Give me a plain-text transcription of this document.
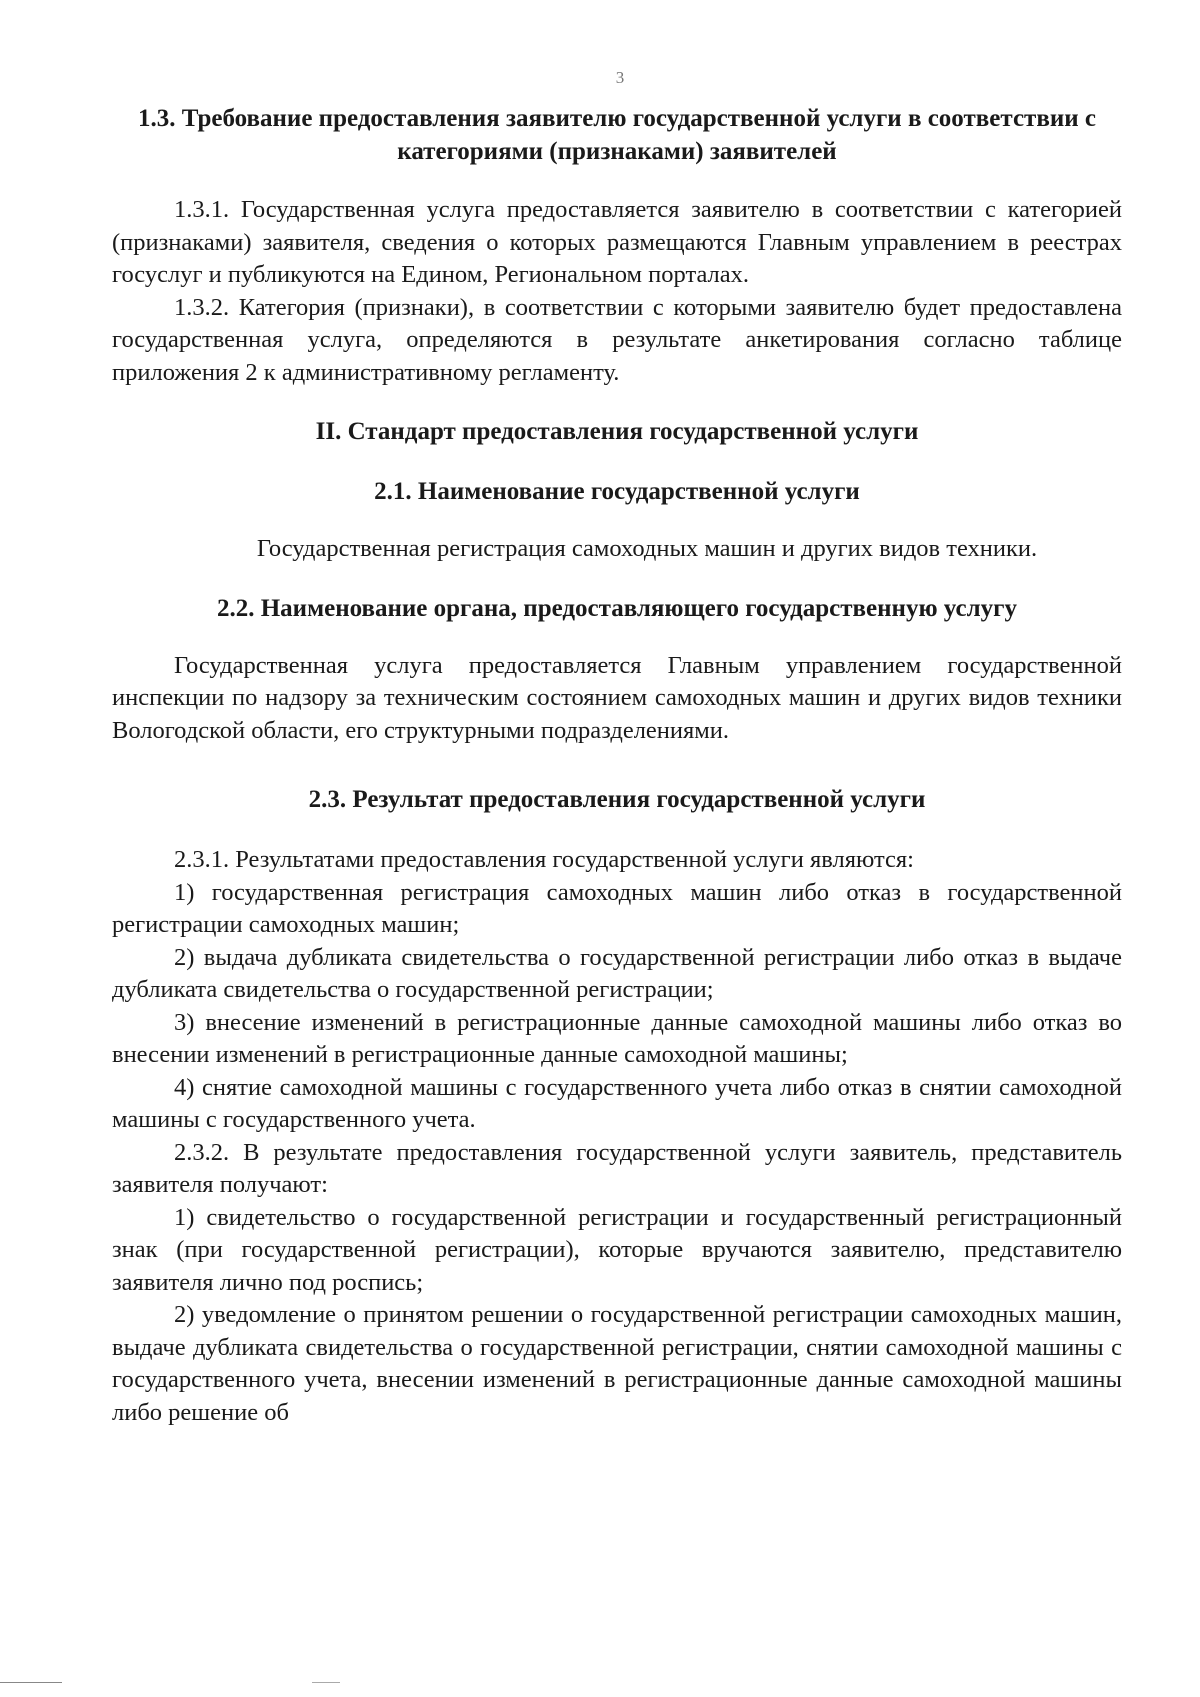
3
1.3. Требование предоставления заявителю государственной услуги в соответствии с категориями (признаками) заявителей

1.3.1. Государственная услуга предоставляется заявителю в соответствии с категорией (признаками) заявителя, сведения о которых размещаются Главным управлением в реестрах госуслуг и публикуются на Едином, Региональном порталах.

1.3.2. Категория (признаки), в соответствии с которыми заявителю будет предоставлена государственная услуга, определяются в результате анкетирования согласно таблице приложения 2 к административному регламенту.

II. Стандарт предоставления государственной услуги
2.1. Наименование государственной услуги

Государственная регистрация самоходных машин и других видов техники.

2.2. Наименование органа, предоставляющего государственную услугу

Государственная услуга предоставляется Главным управлением государственной инспекции по надзору за техническим состоянием самоходных машин и других видов техники Вологодской области, его структурными подразделениями.

2.3. Результат предоставления государственной услуги

2.3.1. Результатами предоставления государственной услуги являются:

1) государственная регистрация самоходных машин либо отказ в государственной регистрации самоходных машин;

2) выдача дубликата свидетельства о государственной регистрации либо отказ в выдаче дубликата свидетельства о государственной регистрации;

3) внесение изменений в регистрационные данные самоходной машины либо отказ во внесении изменений в регистрационные данные самоходной машины;

4) снятие самоходной машины с государственного учета либо отказ в снятии самоходной машины с государственного учета.

2.3.2. В результате предоставления государственной услуги заявитель, представитель заявителя получают:

1) свидетельство о государственной регистрации и государственный регистрационный знак (при государственной регистрации), которые вручаются заявителю, представителю заявителя лично под роспись;

2) уведомление о принятом решении о государственной регистрации самоходных машин, выдаче дубликата свидетельства о государственной регистрации, снятии самоходной машины с государственного учета, внесении изменений в регистрационные данные самоходной машины либо решение об
